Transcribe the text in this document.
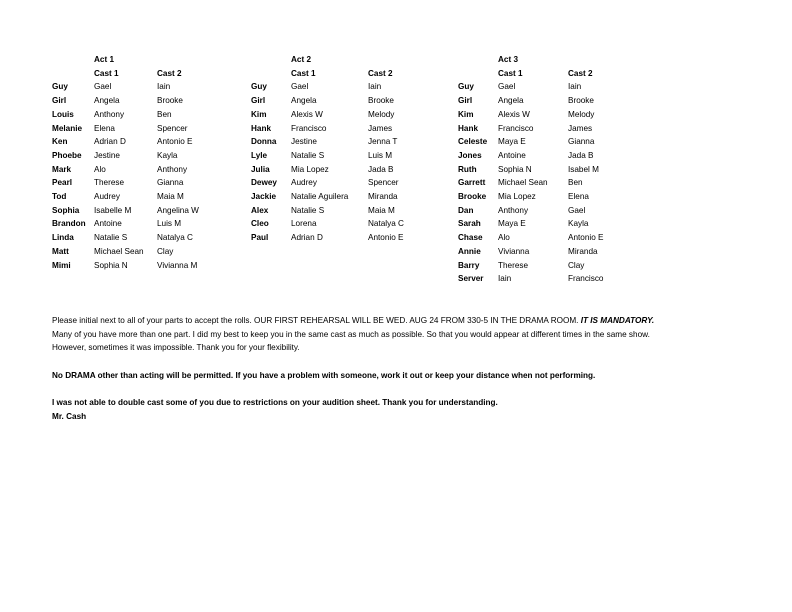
	Act 1	
	Cast 1	Cast 2
Guy	Gael	Iain
Girl	Angela	Brooke
Louis	Anthony	Ben
Melanie	Elena	Spencer
Ken	Adrian D	Antonio E
Phoebe	Jestine	Kayla
Mark	Alo	Anthony
Pearl	Therese	Gianna
Tod	Audrey	Maia M
Sophia	Isabelle M	Angelina W
Brandon	Antoine	Luis M
Linda	Natalie S	Natalya C
Matt	Michael Sean	Clay
Mimi	Sophia N	Vivianna M
	Act 2	
	Cast 1	Cast 2
Guy	Gael	Iain
Girl	Angela	Brooke
Kim	Alexis W	Melody
Hank	Francisco	James
Donna	Jestine	Jenna T
Lyle	Natalie S	Luis M
Julia	Mia Lopez	Jada B
Dewey	Audrey	Spencer
Jackie	Natalie Aguilera	Miranda
Alex	Natalie S	Maia M
Cleo	Lorena	Natalya C
Paul	Adrian D	Antonio E
	Act 3	
	Cast 1	Cast 2
Guy	Gael	Iain
Girl	Angela	Brooke
Kim	Alexis W	Melody
Hank	Francisco	James
Celeste	Maya E	Gianna
Jones	Antoine	Jada B
Ruth	Sophia N	Isabel M
Garrett	Michael Sean	Ben
Brooke	Mia Lopez	Elena
Dan	Anthony	Gael
Sarah	Maya E	Kayla
Chase	Alo	Antonio E
Annie	Vivianna	Miranda
Barry	Therese	Clay
Server	Iain	Francisco

Please initial next to all of your parts to accept the rolls. OUR FIRST REHEARSAL WILL BE WED. AUG 24 FROM 330-5 IN THE DRAMA ROOM. IT IS MANDATORY.

Many of you have more than one part. I did my best to keep you in the same cast as much as possible. So that you would appear at different times in the same show.

However, sometimes it was impossible. Thank you for your flexibility.

No DRAMA other than acting will be permitted. If you have a problem with someone, work it out or keep your distance when not performing.

I was not able to double cast some of you due to restrictions on your audition sheet. Thank you for understanding.

Mr. Cash
